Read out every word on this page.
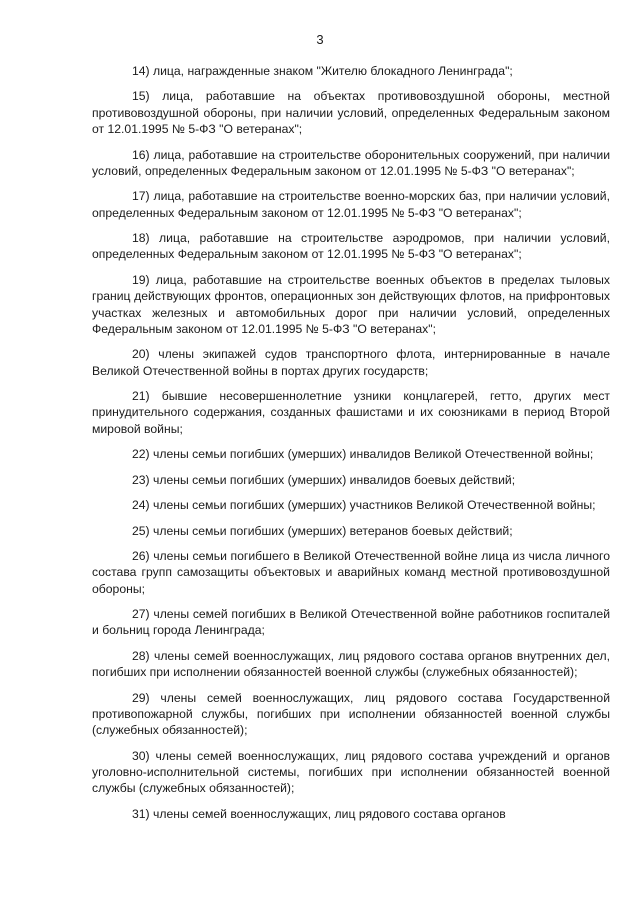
3

14) лица, награжденные знаком "Жителю блокадного Ленинграда";

15) лица, работавшие на объектах противовоздушной обороны, местной противовоздушной обороны, при наличии условий, определенных Федеральным законом от 12.01.1995 № 5-ФЗ "О ветеранах";

16) лица, работавшие на строительстве оборонительных сооружений, при наличии условий, определенных Федеральным законом от 12.01.1995 № 5-ФЗ "О ветеранах";

17) лица, работавшие на строительстве военно-морских баз, при наличии условий, определенных Федеральным законом от 12.01.1995 № 5-ФЗ "О ветеранах";

18) лица, работавшие на строительстве аэродромов, при наличии условий, определенных Федеральным законом от 12.01.1995 № 5-ФЗ "О ветеранах";

19) лица, работавшие на строительстве военных объектов в пределах тыловых границ действующих фронтов, операционных зон действующих флотов, на прифронтовых участках железных и автомобильных дорог при наличии условий, определенных Федеральным законом от 12.01.1995 № 5-ФЗ "О ветеранах";

20) члены экипажей судов транспортного флота, интернированные в начале Великой Отечественной войны в портах других государств;

21) бывшие несовершеннолетние узники концлагерей, гетто, других мест принудительного содержания, созданных фашистами и их союзниками в период Второй мировой войны;

22) члены семьи погибших (умерших) инвалидов Великой Отечественной войны;

23) члены семьи погибших (умерших) инвалидов боевых действий;

24) члены семьи погибших (умерших) участников Великой Отечественной войны;

25) члены семьи погибших (умерших) ветеранов боевых действий;

26) члены семьи погибшего в Великой Отечественной войне лица из числа личного состава групп самозащиты объектовых и аварийных команд местной противовоздушной обороны;

27) члены семей погибших в Великой Отечественной войне работников госпиталей и больниц города Ленинграда;

28) члены семей военнослужащих, лиц рядового состава органов внутренних дел, погибших при исполнении обязанностей военной службы (служебных обязанностей);

29) члены семей военнослужащих, лиц рядового состава Государственной противопожарной службы, погибших при исполнении обязанностей военной службы (служебных обязанностей);

30) члены семей военнослужащих, лиц рядового состава учреждений и органов уголовно-исполнительной системы, погибших при исполнении обязанностей военной службы (служебных обязанностей);

31) члены семей военнослужащих, лиц рядового состава органов
